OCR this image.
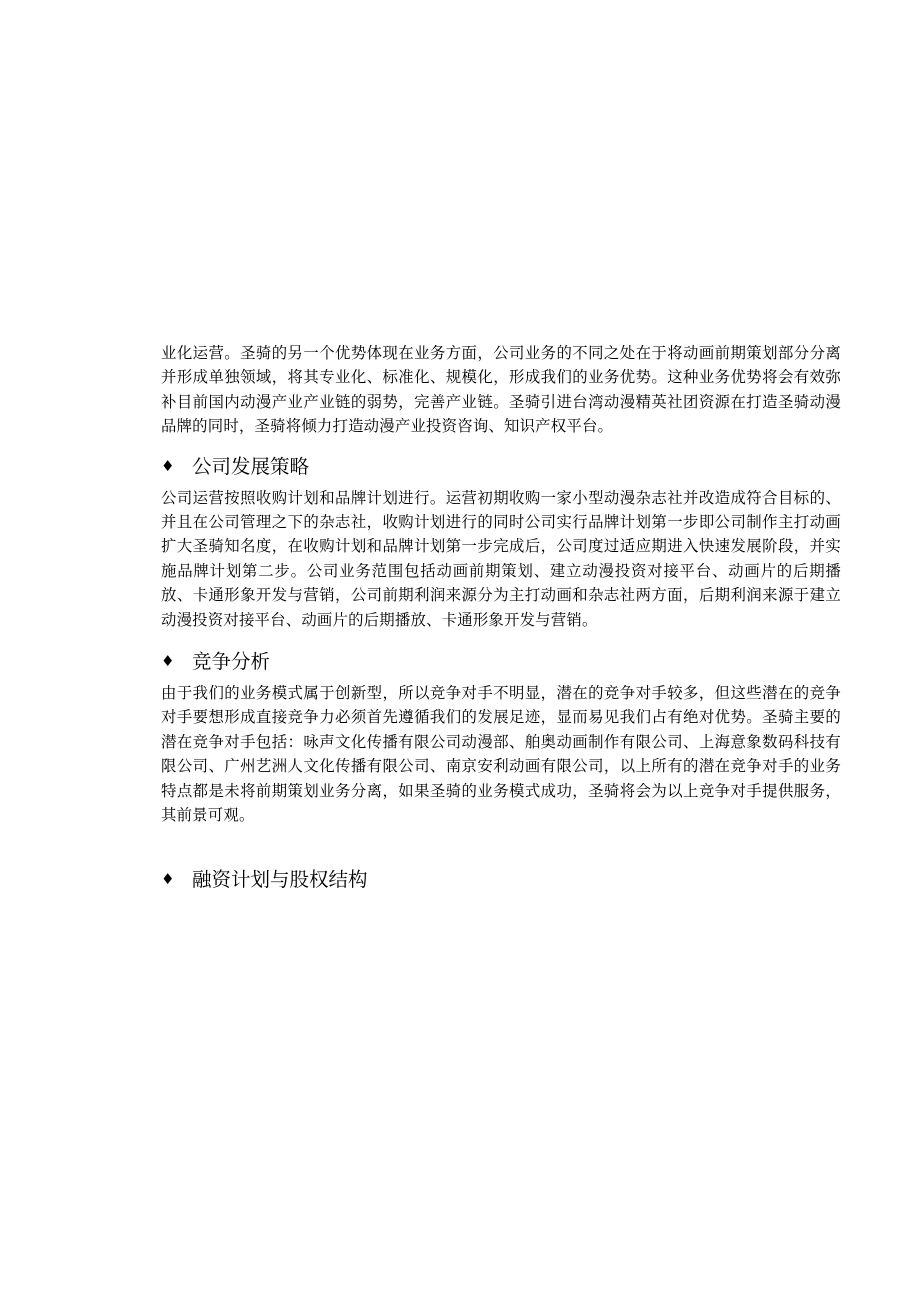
业化运营。圣骑的另一个优势体现在业务方面，公司业务的不同之处在于将动画前期策划部分分离并形成单独领域，将其专业化、标准化、规模化，形成我们的业务优势。这种业务优势将会有效弥补目前国内动漫产业产业链的弱势，完善产业链。圣骑引进台湾动漫精英社团资源在打造圣骑动漫品牌的同时，圣骑将倾力打造动漫产业投资咨询、知识产权平台。

♦ 公司发展策略

公司运营按照收购计划和品牌计划进行。运营初期收购一家小型动漫杂志社并改造成符合目标的、并且在公司管理之下的杂志社，收购计划进行的同时公司实行品牌计划第一步即公司制作主打动画扩大圣骑知名度，在收购计划和品牌计划第一步完成后，公司度过适应期进入快速发展阶段，并实施品牌计划第二步。公司业务范围包括动画前期策划、建立动漫投资对接平台、动画片的后期播放、卡通形象开发与营销，公司前期利润来源分为主打动画和杂志社两方面，后期利润来源于建立动漫投资对接平台、动画片的后期播放、卡通形象开发与营销。

♦ 竞争分析

由于我们的业务模式属于创新型，所以竞争对手不明显，潜在的竞争对手较多，但这些潜在的竞争对手要想形成直接竞争力必须首先遵循我们的发展足迹，显而易见我们占有绝对优势。圣骑主要的潜在竞争对手包括：咏声文化传播有限公司动漫部、舶奥动画制作有限公司、上海意象数码科技有限公司、广州艺洲人文化传播有限公司、南京安利动画有限公司，以上所有的潜在竞争对手的业务特点都是未将前期策划业务分离，如果圣骑的业务模式成功，圣骑将会为以上竞争对手提供服务，其前景可观。

♦ 融资计划与股权结构
